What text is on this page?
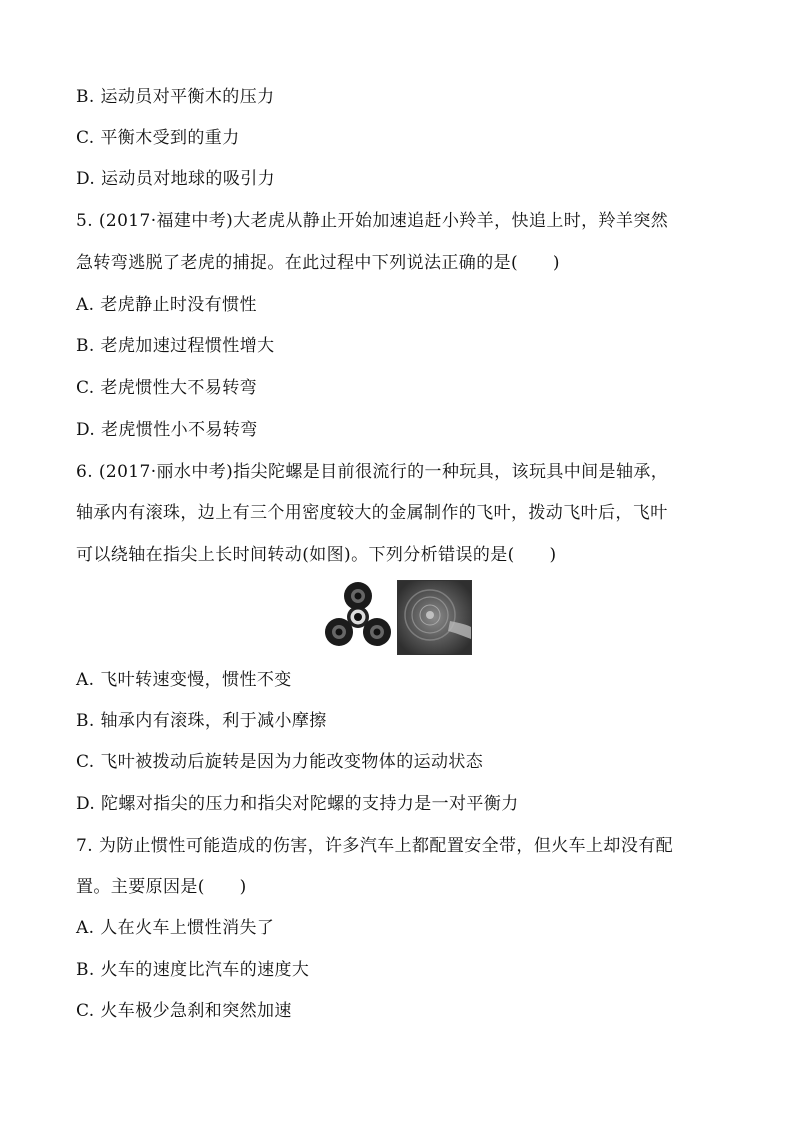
B. 运动员对平衡木的压力
C. 平衡木受到的重力
D. 运动员对地球的吸引力
5. (2017·福建中考)大老虎从静止开始加速追赶小羚羊，快追上时，羚羊突然
急转弯逃脱了老虎的捕捉。在此过程中下列说法正确的是(　　)
A. 老虎静止时没有惯性
B. 老虎加速过程惯性增大
C. 老虎惯性大不易转弯
D. 老虎惯性小不易转弯
6. (2017·丽水中考)指尖陀螺是目前很流行的一种玩具，该玩具中间是轴承，
轴承内有滚珠，边上有三个用密度较大的金属制作的飞叶，拨动飞叶后，飞叶
可以绕轴在指尖上长时间转动(如图)。下列分析错误的是(　　)
A. 飞叶转速变慢，惯性不变
B. 轴承内有滚珠，利于减小摩擦
C. 飞叶被拨动后旋转是因为力能改变物体的运动状态
D. 陀螺对指尖的压力和指尖对陀螺的支持力是一对平衡力
7. 为防止惯性可能造成的伤害，许多汽车上都配置安全带，但火车上却没有配
置。主要原因是(　　)
A. 人在火车上惯性消失了
B. 火车的速度比汽车的速度大
C. 火车极少急刹和突然加速
